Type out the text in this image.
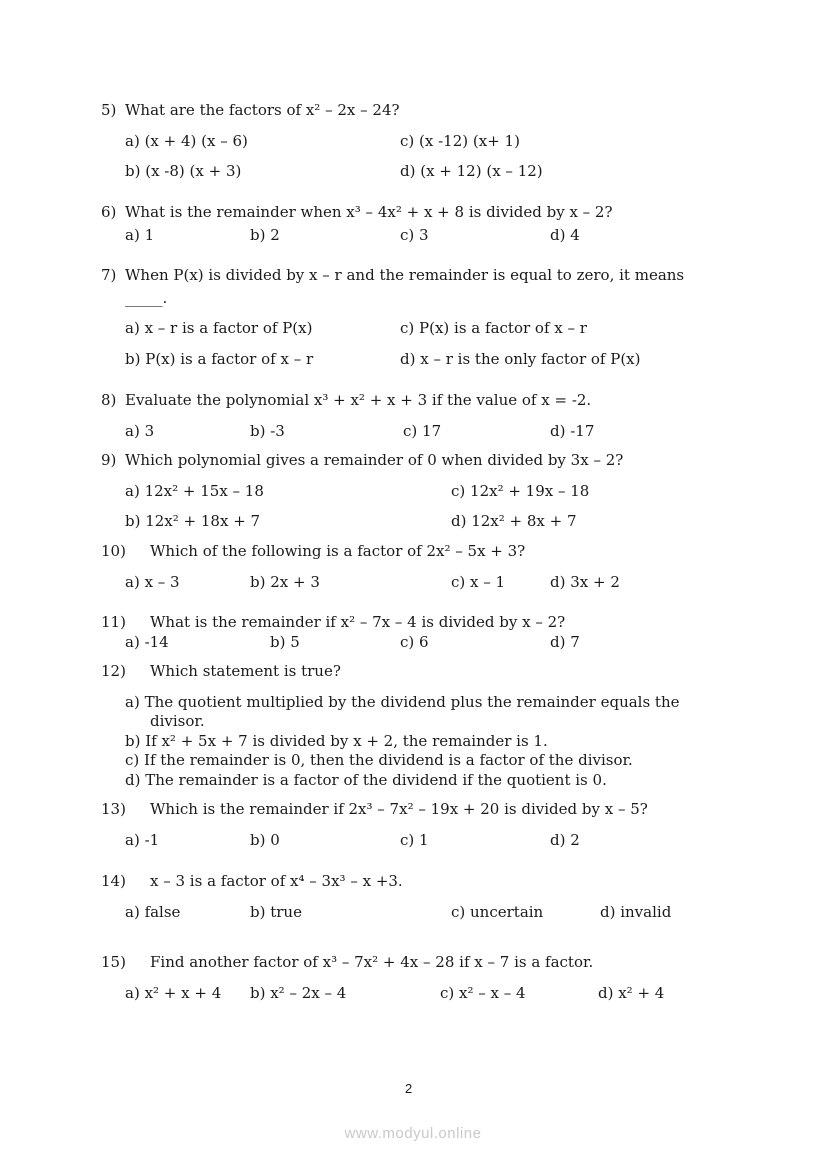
5) What are the factors of x² – 2x – 24?
a) (x + 4) (x – 6)
b) (x -8) (x + 3)
c) (x -12) (x+ 1)
d) (x + 12) (x – 12)
6) What is the remainder when x³ – 4x² + x + 8 is divided by x – 2?
a) 1	b) 2	c) 3	d) 4
7) When P(x) is divided by x – r and the remainder is equal to zero, it means
_____.
a) x – r is a factor of P(x)
b) P(x) is a factor of x – r
c) P(x) is a factor of x – r
d) x – r is the only factor of P(x)
8) Evaluate the polynomial x³ + x² + x + 3 if the value of x = -2.
a) 3	b) -3	c) 17	d) -17
9) Which polynomial gives a remainder of 0 when divided by 3x – 2?
a) 12x² + 15x – 18
b) 12x² + 18x + 7
c) 12x² + 19x – 18
d) 12x² + 8x + 7
10) Which of the following is a factor of 2x² – 5x + 3?
a) x – 3	b) 2x + 3	c) x – 1	d) 3x + 2
11) What is the remainder if x² – 7x – 4 is divided by x – 2?
a) -14	b) 5	c) 6	d) 7
12) Which statement is true?
a) The quotient multiplied by the dividend plus the remainder equals the
divisor.
b) If x² + 5x + 7 is divided by x + 2, the remainder is 1.
c) If the remainder is 0, then the dividend is a factor of the divisor.
d) The remainder is a factor of the dividend if the quotient is 0.
13) Which is the remainder if 2x³ – 7x² – 19x + 20 is divided by x – 5?
a) -1	b) 0	c) 1	d) 2
14) x – 3 is a factor of x⁴ – 3x³ – x +3.
a) false	b) true	c) uncertain	d) invalid
15) Find another factor of x³ – 7x² + 4x – 28 if x – 7 is a factor.
a) x² + x + 4 b) x² – 2x – 4	c) x² – x – 4	d) x² + 4
2
www.modyul.online
